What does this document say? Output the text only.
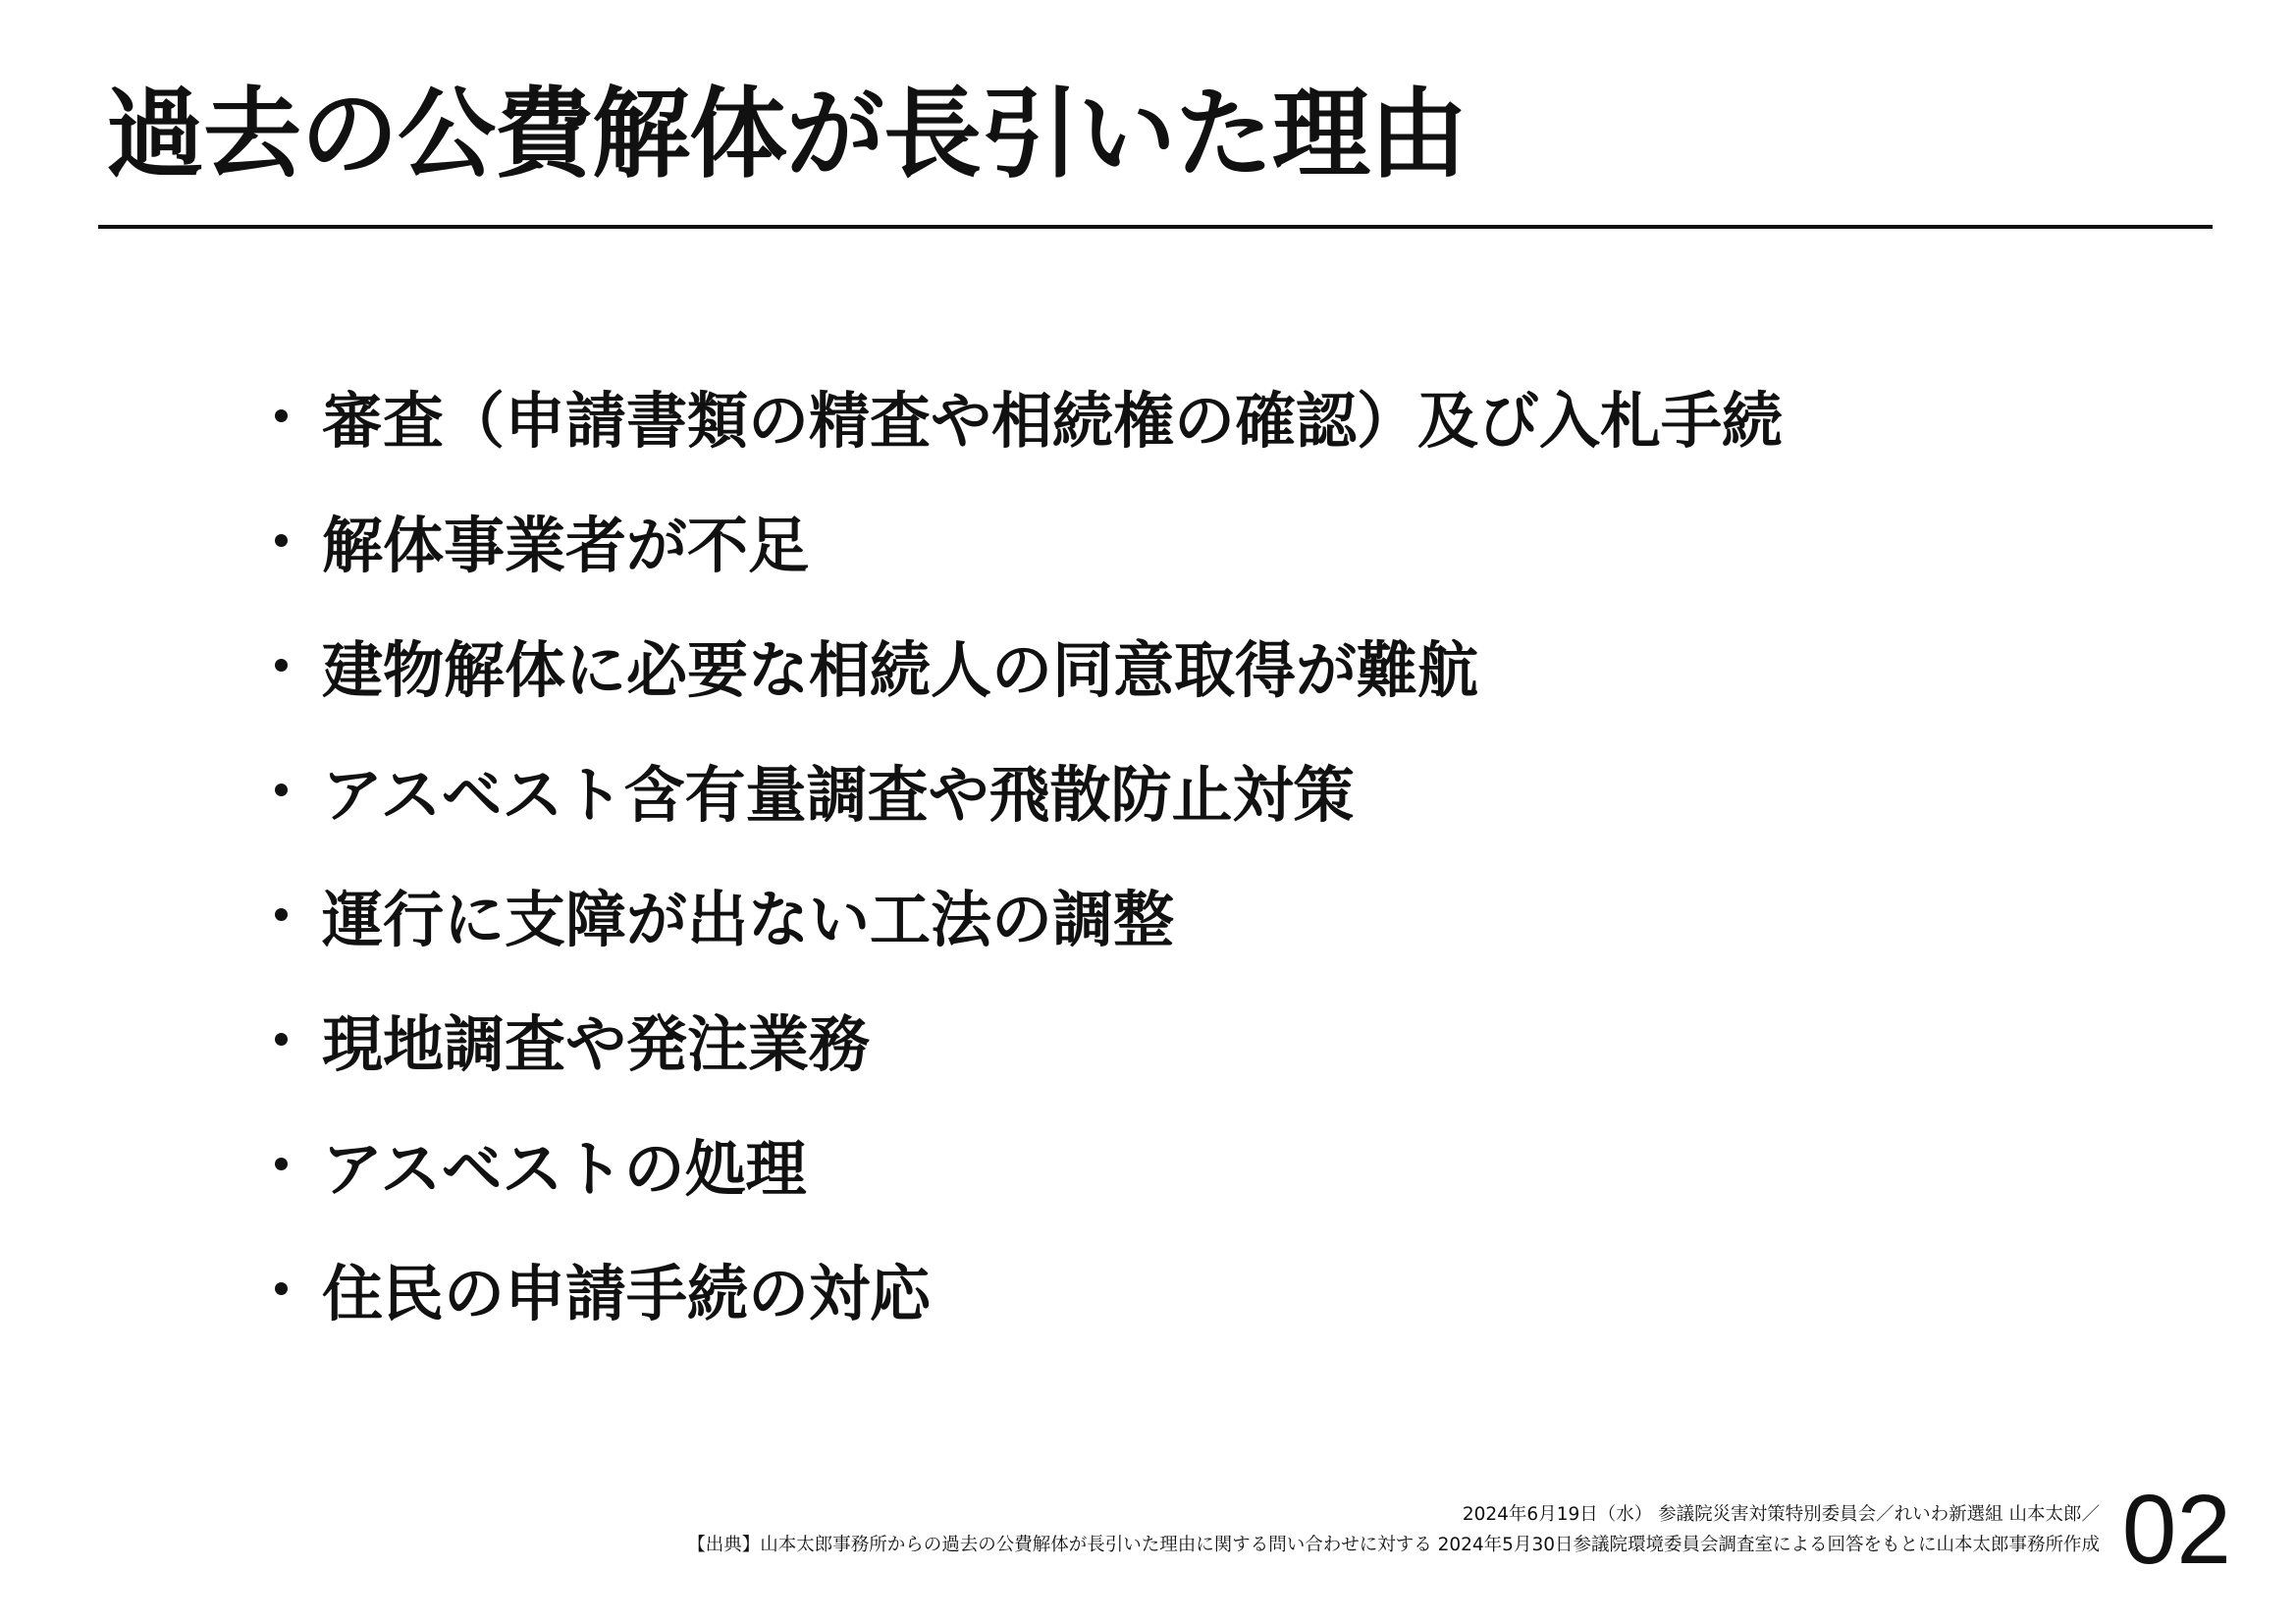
過去の公費解体が長引いた理由
審査（申請書類の精査や相続権の確認）及び入札手続
解体事業者が不足
建物解体に必要な相続人の同意取得が難航
アスベスト含有量調査や飛散防止対策
運行に支障が出ない工法の調整
現地調査や発注業務
アスベストの処理
住民の申請手続の対応
2024年6月19日（水） 参議院災害対策特別委員会／れいわ新選組 山本太郎／
【出典】山本太郎事務所からの過去の公費解体が長引いた理由に関する問い合わせに対する 2024年5月30日参議院環境委員会調査室による回答をもとに山本太郎事務所作成 02
